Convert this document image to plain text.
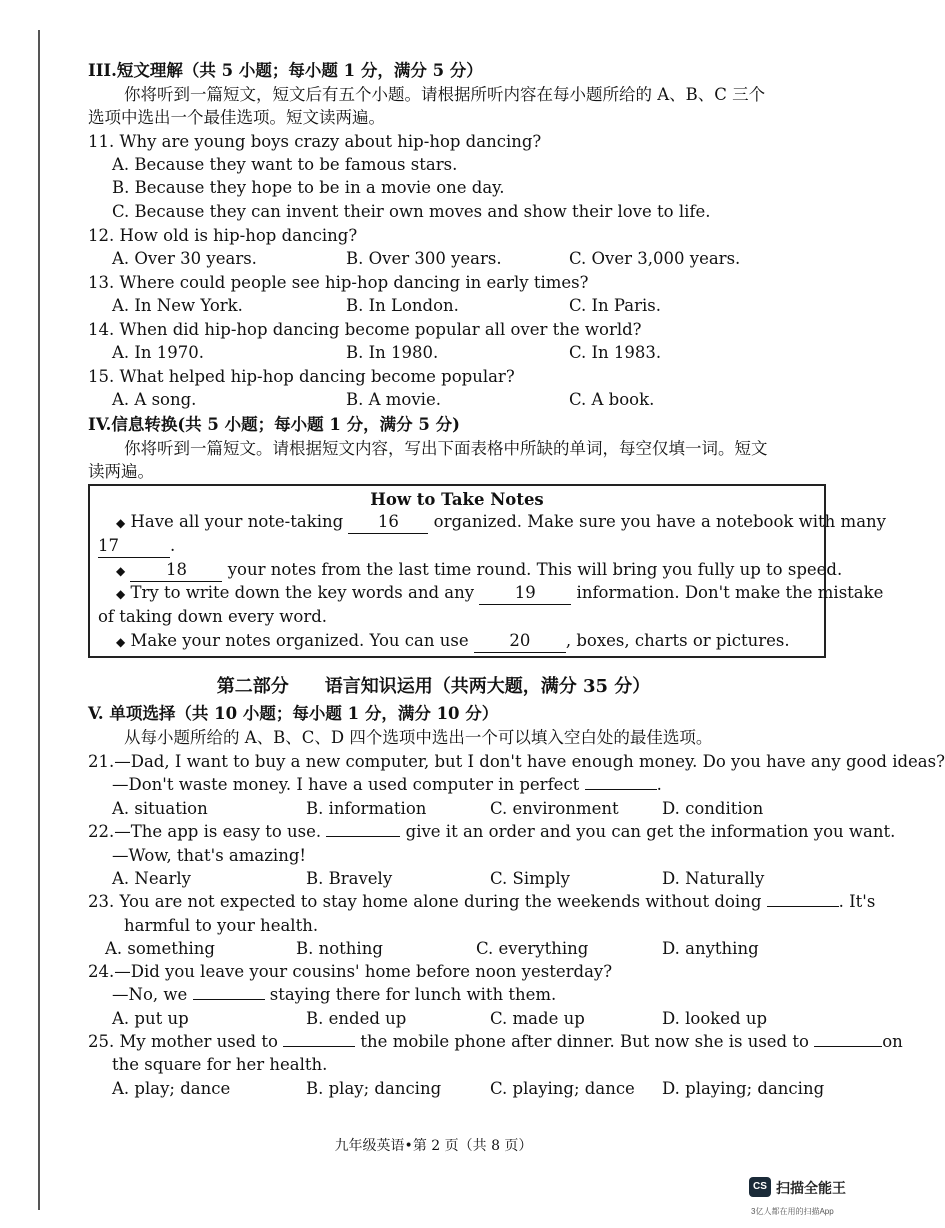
III.短文理解（共 5 小题；每小题 1 分，满分 5 分）
你将听到一篇短文，短文后有五个小题。请根据所听内容在每小题所给的 A、B、C 三个
选项中选出一个最佳选项。短文读两遍。
11. Why are young boys crazy about hip-hop dancing?
A. Because they want to be famous stars.
B. Because they hope to be in a movie one day.
C. Because they can invent their own moves and show their love to life.
12. How old is hip-hop dancing?
A. Over 30 years.	B. Over 300 years.	C. Over 3,000 years.
13. Where could people see hip-hop dancing in early times?
A. In New York.	B. In London.	C. In Paris.
14. When did hip-hop dancing become popular all over the world?
A. In 1970.	B. In 1980.	C. In 1983.
15. What helped hip-hop dancing become popular?
A. A song.	B. A movie.	C. A book.
IV.信息转换(共 5 小题；每小题 1 分，满分 5 分)
你将听到一篇短文。请根据短文内容，写出下面表格中所缺的单词，每空仅填一词。短文
读两遍。
How to Take Notes
◆ Have all your note-taking 16 organized. Make sure you have a notebook with many
17	.
◆ 18 your notes from the last time round. This will bring you fully up to speed.
◆ Try to write down the key words and any 19 information. Don't make the mistake
of taking down every word.
◆ Make your notes organized. You can use 20 , boxes, charts or pictures.
第二部分　　语言知识运用（共两大题，满分 35 分）
V. 单项选择（共 10 小题；每小题 1 分，满分 10 分）
从每小题所给的 A、B、C、D 四个选项中选出一个可以填入空白处的最佳选项。
21.—Dad, I want to buy a new computer, but I don't have enough money. Do you have any good ideas?
—Don't waste money. I have a used computer in perfect	.
A. situation	B. information	C. environment	D. condition
22.—The app is easy to use.	give it an order and you can get the information you want.
—Wow, that's amazing!
A. Nearly	B. Bravely	C. Simply	D. Naturally
23. You are not expected to stay home alone during the weekends without doing	. It's
harmful to your health.
A. something	B. nothing	C. everything	D. anything
24.—Did you leave your cousins' home before noon yesterday?
—No, we	staying there for lunch with them.
A. put up	B. ended up	C. made up	D. looked up
25. My mother used to	the mobile phone after dinner. But now she is used to	on
the square for her health.
A. play; dance	B. play; dancing	C. playing; dance D. playing; dancing
九年级英语•第 2 页（共 8 页）
CS 扫描全能王
3亿人都在用的扫描App
